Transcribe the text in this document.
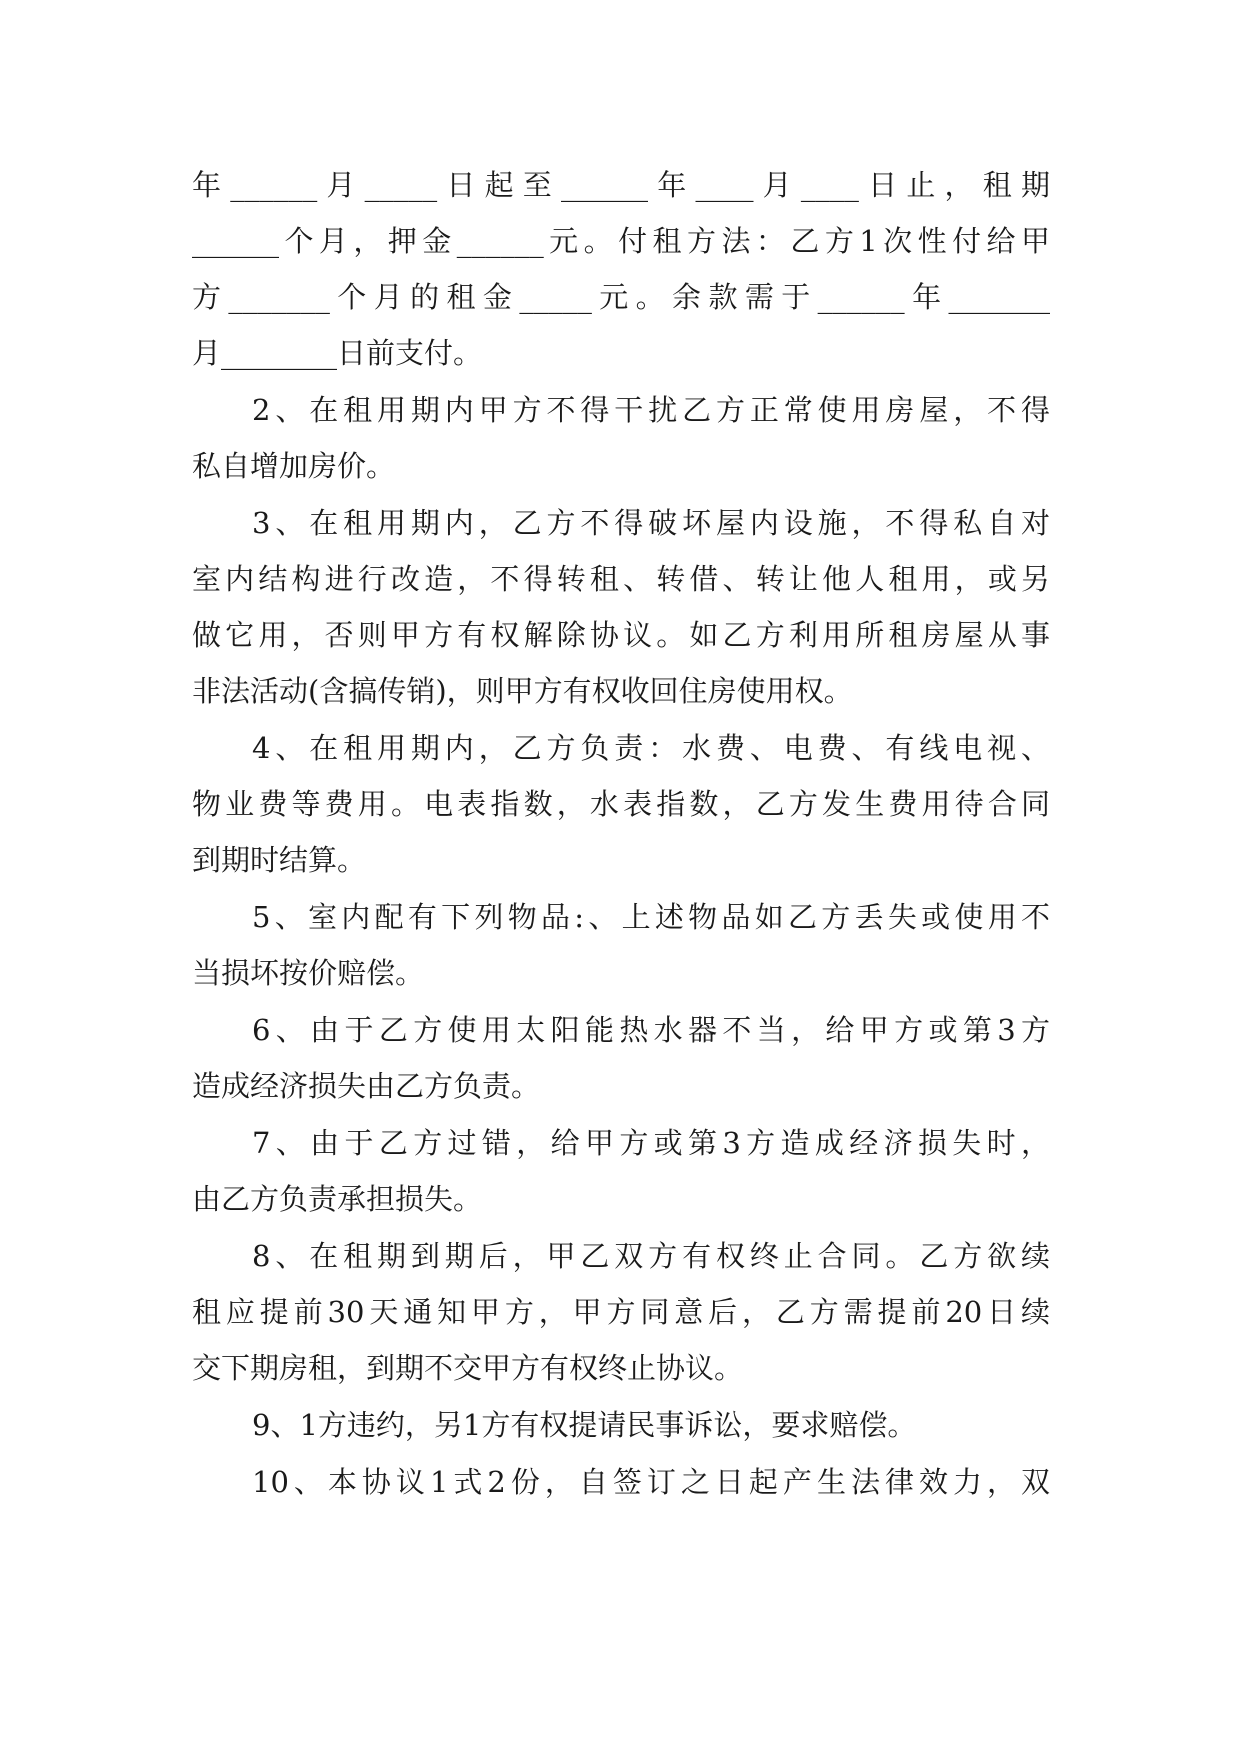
年______月_____日起至______年____月____日止，租期
______个月，押金______元。付租方法：乙方1次性付给甲
方_______个月的租金_____元。余款需于______年_______
月________日前支付。
2、在租用期内甲方不得干扰乙方正常使用房屋，不得
私自增加房价。
3、在租用期内，乙方不得破坏屋内设施，不得私自对
室内结构进行改造，不得转租、转借、转让他人租用，或另
做它用，否则甲方有权解除协议。如乙方利用所租房屋从事
非法活动(含搞传销)，则甲方有权收回住房使用权。
4、在租用期内，乙方负责：水费、电费、有线电视、
物业费等费用。电表指数，水表指数，乙方发生费用待合同
到期时结算。
5、室内配有下列物品:、上述物品如乙方丢失或使用不
当损坏按价赔偿。
6、由于乙方使用太阳能热水器不当，给甲方或第3方
造成经济损失由乙方负责。
7、由于乙方过错，给甲方或第3方造成经济损失时，
由乙方负责承担损失。
8、在租期到期后，甲乙双方有权终止合同。乙方欲续
租应提前30天通知甲方，甲方同意后，乙方需提前20日续
交下期房租，到期不交甲方有权终止协议。
9、1方违约，另1方有权提请民事诉讼，要求赔偿。
10、本协议1式2份，自签订之日起产生法律效力，双
